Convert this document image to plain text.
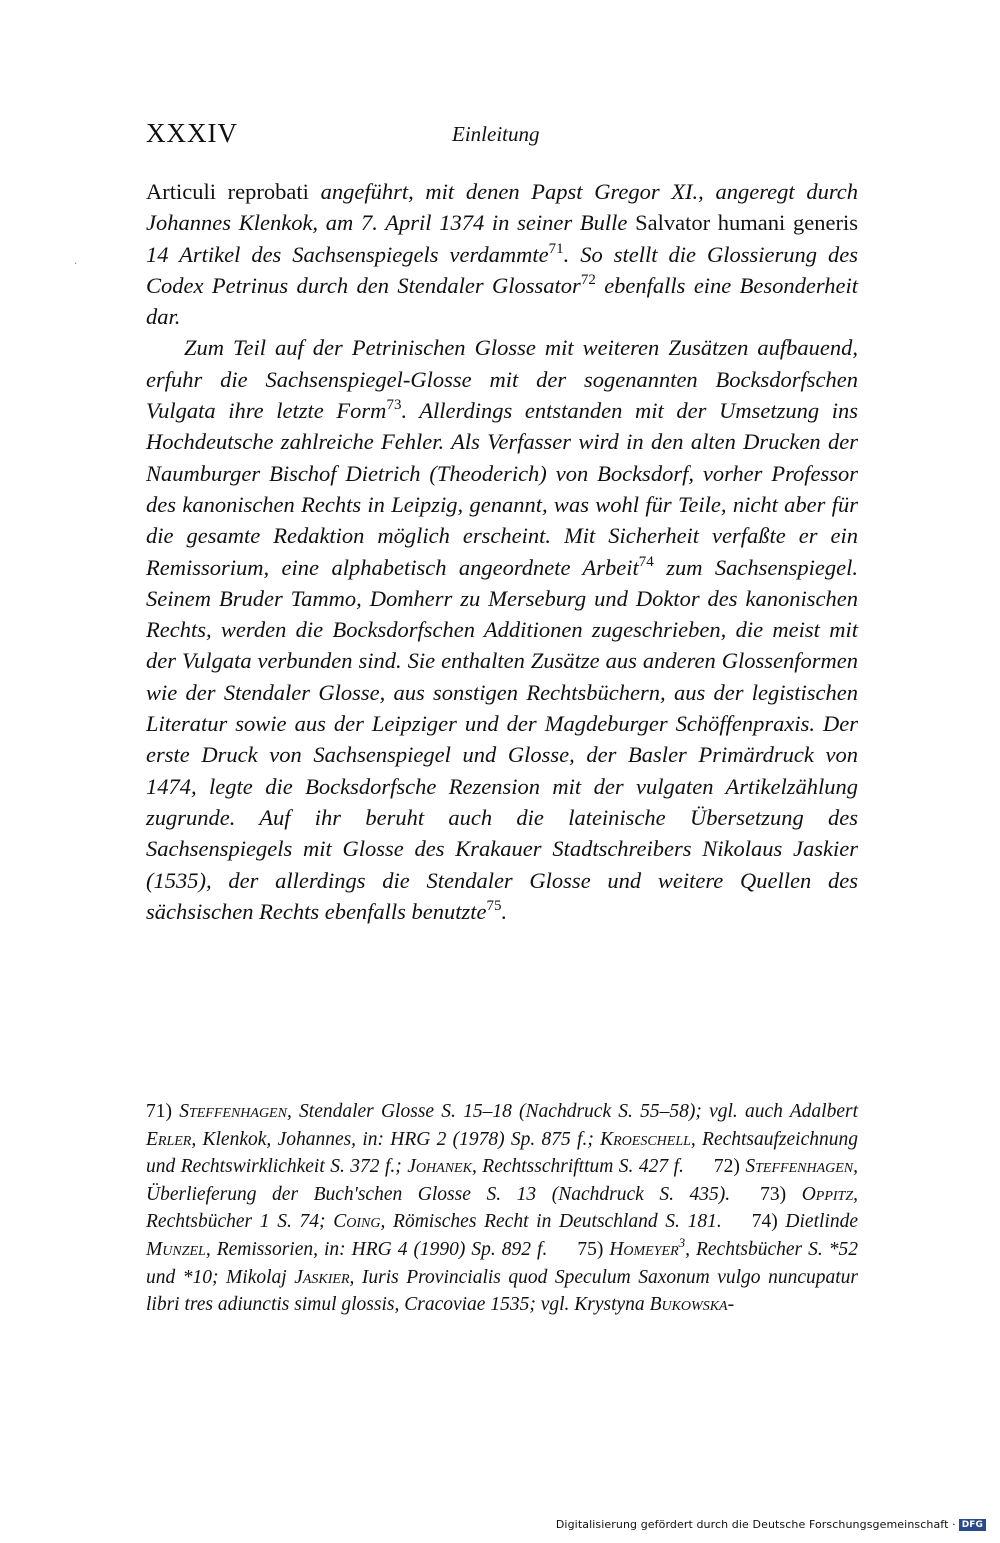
XXXIV	Einleitung
·

Articuli reprobati angeführt, mit denen Papst Gregor XI., angeregt durch Johannes Klenkok, am 7. April 1374 in seiner Bulle Salvator humani generis 14 Artikel des Sachsenspiegels verdammte$^{71}$. So stellt die Glossierung des Codex Petrinus durch den Stendaler Glossator$^{72}$ ebenfalls eine Besonderheit dar.

Zum Teil auf der Petrinischen Glosse mit weiteren Zusätzen aufbauend, erfuhr die Sachsenspiegel-Glosse mit der sogenannten Bocksdorfschen Vulgata ihre letzte Form$^{73}$. Allerdings entstanden mit der Umsetzung ins Hochdeutsche zahlreiche Fehler. Als Verfasser wird in den alten Drucken der Naumburger Bischof Dietrich (Theoderich) von Bocksdorf, vorher Professor des kanonischen Rechts in Leipzig, genannt, was wohl für Teile, nicht aber für die gesamte Redaktion möglich erscheint. Mit Sicherheit verfaßte er ein Remissorium, eine alphabetisch angeordnete Arbeit$^{74}$ zum Sachsenspiegel. Seinem Bruder Tammo, Domherr zu Merseburg und Doktor des kanonischen Rechts, werden die Bocksdorfschen Additionen zugeschrieben, die meist mit der Vulgata verbunden sind. Sie enthalten Zusätze aus anderen Glossenformen wie der Stendaler Glosse, aus sonstigen Rechtsbüchern, aus der legistischen Literatur sowie aus der Leipziger und der Magdeburger Schöffenpraxis. Der erste Druck von Sachsenspiegel und Glosse, der Basler Primärdruck von 1474, legte die Bocksdorfsche Rezension mit der vulgaten Artikelzählung zugrunde. Auf ihr beruht auch die lateinische Übersetzung des Sachsenspiegels mit Glosse des Krakauer Stadtschreibers Nikolaus Jaskier (1535), der allerdings die Stendaler Glosse und weitere Quellen des sächsischen Rechts ebenfalls benutzte$^{75}$.

71) Steffenhagen, Stendaler Glosse S. 15–18 (Nachdruck S. 55–58); vgl. auch Adalbert Erler, Klenkok, Johannes, in: HRG 2 (1978) Sp. 875 f.; Kroeschell, Rechtsaufzeichnung und Rechtswirklichkeit S. 372 f.; Johanek, Rechtsschrifttum S. 427 f. 72) Steffenhagen, Überlieferung der Buch'schen Glosse S. 13 (Nachdruck S. 435). 73) Oppitz, Rechtsbücher 1 S. 74; Coing, Römisches Recht in Deutschland S. 181. 74) Dietlinde Munzel, Remissorien, in: HRG 4 (1990) Sp. 892 f. 75) Homeyer$^3$, Rechtsbücher S. *52 und *10; Mikolaj Jaskier, Iuris Provincialis quod Speculum Saxonum vulgo nuncupatur libri tres adiunctis simul glossis, Cracoviae 1535; vgl. Krystyna Bukowska-
Digitalisierung gefördert durch die Deutsche Forschungsgemeinschaft · DFG
